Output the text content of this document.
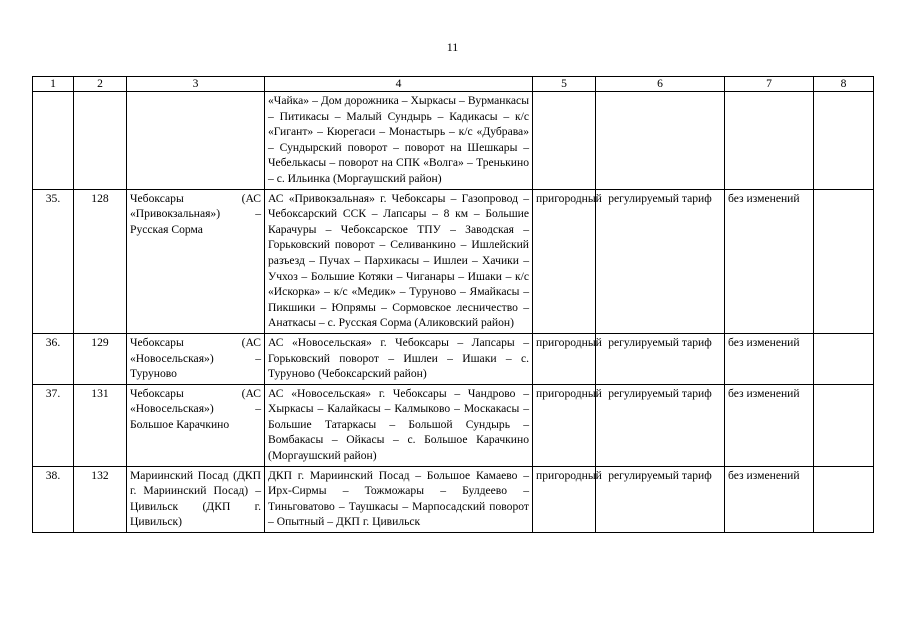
11
1	2	3	4	5	6	7	8
			«Чайка» – Дом дорожника – Хыркасы – Вурманкасы – Питикасы – Малый Сундырь – Кадикасы – к/с «Гигант» – Кюрегаси – Монастырь – к/с «Дубрава» – Сундырский поворот – поворот на Шешкары – Чебелькасы – поворот на СПК «Волга» – Тренькино – с. Ильинка (Моргаушский район)				
35.	128	Чебоксары (АС «Привокзальная») – Русская Сорма	АС «Привокзальная» г. Чебоксары – Газопровод – Чебоксарский ССК – Лапсары – 8 км – Большие Карачуры – Чебоксарское ТПУ – Заводская – Горьковский поворот – Селиванкино – Ишлейский разъезд – Пучах – Пархикасы – Ишлеи – Хачики – Учхоз – Большие Котяки – Чиганары – Ишаки – к/с «Искорка» – к/с «Медик» – Туруново – Ямайкасы – Пикшики – Юпрямы – Сормовское лесничество – Анаткасы – с. Русская Сорма (Аликовский район)	пригородный	регулируемый тариф	без изменений	
36.	129	Чебоксары (АС «Новосельская») – Туруново	АС «Новосельская» г. Чебоксары – Лапсары – Горьковский поворот – Ишлеи – Ишаки – с. Туруново (Чебоксарский район)	пригородный	регулируемый тариф	без изменений	
37.	131	Чебоксары (АС «Новосельская») – Большое Карачкино	АС «Новосельская» г. Чебоксары – Чандрово – Хыркасы – Калайкасы – Калмыково – Москакасы – Большие Татаркасы – Большой Сундырь – Вомбакасы – Ойкасы – с. Большое Карачкино (Моргаушский район)	пригородный	регулируемый тариф	без изменений	
38.	132	Мариинский Посад (ДКП г. Мариинский Посад) – Цивильск (ДКП г. Цивильск)	ДКП г. Мариинский Посад – Большое Камаево – Ирх-Сирмы – Тожможары – Булдеево – Тиньговатово – Таушкасы – Марпосадский поворот – Опытный – ДКП г. Цивильск	пригородный	регулируемый тариф	без изменений	
